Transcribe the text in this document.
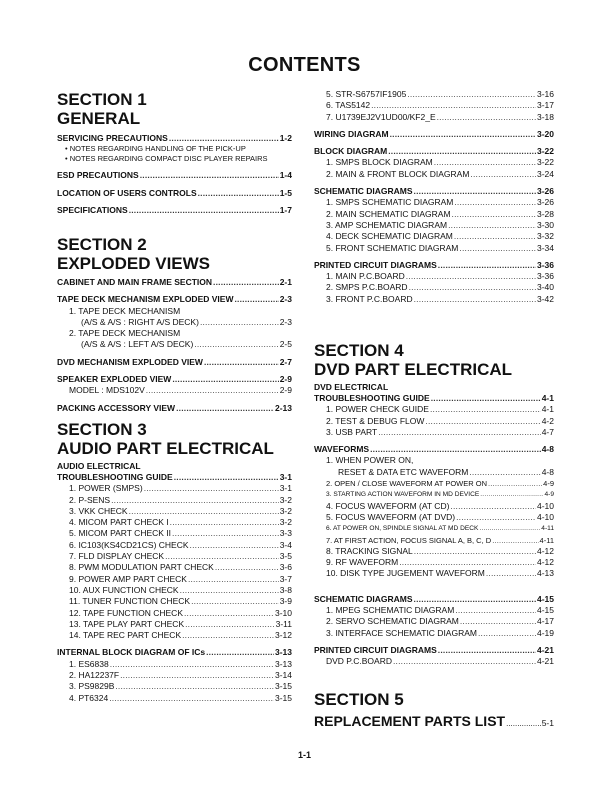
CONTENTS
SECTION 1
GENERAL
SERVICING PRECAUTIONS .....	1-2
• NOTES REGARDING HANDLING OF THE PICK-UP
• NOTES REGARDING COMPACT DISC PLAYER REPAIRS
ESD PRECAUTIONS .....	1-4
LOCATION OF USERS CONTROLS .....	1-5
SPECIFICATIONS .....	1-7
SECTION 2
EXPLODED VIEWS
CABINET AND MAIN FRAME SECTION .....	2-1
TAPE DECK MECHANISM EXPLODED VIEW .....	2-3
1. TAPE DECK MECHANISM
(A/S & A/S : RIGHT A/S DECK) .....	2-3
2. TAPE DECK MECHANISM
(A/S & A/S : LEFT A/S DECK) .....	2-5
DVD MECHANISM EXPLODED VIEW .....	2-7
SPEAKER EXPLODED VIEW .....	2-9
MODEL : MDS102V .....	2-9
PACKING ACCESSORY VIEW .....	2-13
SECTION 3
AUDIO PART ELECTRICAL
AUDIO ELECTRICAL
TROUBLESHOOTING GUIDE .....	3-1
1. POWER (SMPS) .....	3-1
2. P-SENS .....	3-2
3. VKK CHECK .....	3-2
4. MICOM PART CHECK I .....	3-2
5. MICOM PART CHECK II .....	3-3
6. IC103(KS4CD21CS) CHECK .....	3-4
7. FLD DISPLAY CHECK .....	3-5
8. PWM MODULATION PART CHECK .....	3-6
9. POWER AMP PART CHECK .....	3-7
10. AUX FUNCTION CHECK .....	3-8
11. TUNER FUNCTION CHECK .....	3-9
12. TAPE FUNCTION CHECK .....	3-10
13. TAPE PLAY PART CHECK .....	3-11
14. TAPE REC PART CHECK .....	3-12
INTERNAL BLOCK DIAGRAM OF ICs .....	3-13
1. ES6838 .....	3-13
2. HA12237F .....	3-14
3. PS9829B .....	3-15
4. PT6324 .....	3-15
5. STR-S6757IF1905 .....	3-16
6. TAS5142 .....	3-17
7. U1739EJ2V1UD00/KF2_E .....	3-18
WIRING DIAGRAM .....	3-20
BLOCK DIAGRAM .....	3-22
1. SMPS BLOCK DIAGRAM .....	3-22
2. MAIN & FRONT BLOCK DIAGRAM .....	3-24
SCHEMATIC DIAGRAMS .....	3-26
1. SMPS SCHEMATIC DIAGRAM .....	3-26
2. MAIN SCHEMATIC DIAGRAM .....	3-28
3. AMP SCHEMATIC DIAGRAM .....	3-30
4. DECK SCHEMATIC DIAGRAM .....	3-32
5. FRONT SCHEMATIC DIAGRAM .....	3-34
PRINTED CIRCUIT DIAGRAMS .....	3-36
1. MAIN P.C.BOARD .....	3-36
2. SMPS P.C.BOARD .....	3-40
3. FRONT P.C.BOARD .....	3-42
SECTION 4
DVD PART ELECTRICAL
DVD ELECTRICAL
TROUBLESHOOTING GUIDE .....	4-1
1. POWER CHECK GUIDE .....	4-1
2. TEST & DEBUG FLOW .....	4-2
3. USB PART .....	4-7
WAVEFORMS .....	4-8
1. WHEN POWER ON,
RESET & DATA ETC WAVEFORM .....	4-8
2. OPEN / CLOSE WAVEFORM AT POWER ON .....	4-9
3. STARTING ACTION WAVEFORM IN MD DEVICE .....	4-9
4. FOCUS WAVEFORM (AT CD) .....	4-10
5. FOCUS WAVEFORM (AT DVD) .....	4-10
6. AT POWER ON, SPINDLE SIGNAL AT MD DECK .....	4-11
7. AT FIRST ACTION, FOCUS SIGNAL A, B, C, D .....	4-11
8. TRACKING SIGNAL .....	4-12
9. RF WAVEFORM .....	4-12
10. DISK TYPE JUGEMENT WAVEFORM .....	4-13
SCHEMATIC DIAGRAMS .....	4-15
1. MPEG SCHEMATIC DIAGRAM .....	4-15
2. SERVO SCHEMATIC DIAGRAM .....	4-17
3. INTERFACE SCHEMATIC DIAGRAM .....	4-19
PRINTED CIRCUIT DIAGRAMS .....	4-21
DVD P.C.BOARD .....	4-21
SECTION 5
REPLACEMENT PARTS LIST .....	5-1
1-1
